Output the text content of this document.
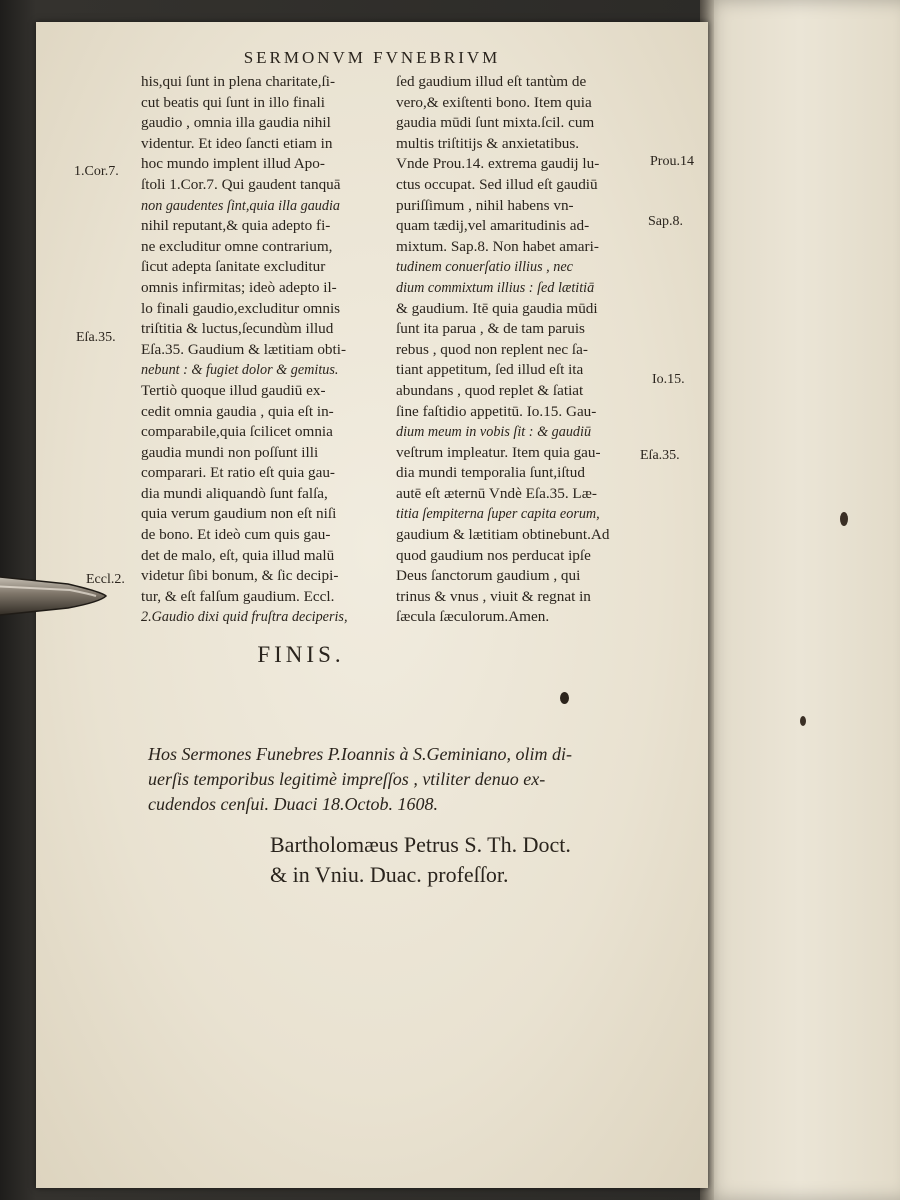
SERMONVM FVNEBRIVM
his,qui ſunt in plena charitate,ſi-
cut beatis qui ſunt in illo finali
gaudio , omnia illa gaudia nihil
videntur. Et ideo ſancti etiam in
hoc mundo implent illud Apo-
ſtoli 1.Cor.7. Qui gaudent tanquā
non gaudentes ſint,quia illa gaudia
nihil reputant,& quia adepto fi-
ne excluditur omne contrarium,
ſicut adepta ſanitate excluditur
omnis infirmitas; ideò adepto il-
lo finali gaudio,excluditur omnis
triſtitia & luctus,ſecundùm illud
Eſa.35. Gaudium & lætitiam obti-
nebunt : & fugiet dolor & gemitus.
Tertiò quoque illud gaudiū ex-
cedit omnia gaudia , quia eſt in-
comparabile,quia ſcilicet omnia
gaudia mundi non poſſunt illi
comparari. Et ratio eſt quia gau-
dia mundi aliquandò ſunt falſa,
quia verum gaudium non eſt niſi
de bono. Et ideò cum quis gau-
det de malo, eſt, quia illud malū
videtur ſibi bonum, & ſic decipi-
tur, & eſt falſum gaudium. Eccl.
2.Gaudio dixi quid fruſtra deciperis,
ſed gaudium illud eſt tantùm de
vero,& exiſtenti bono. Item quia
gaudia mūdi ſunt mixta.ſcil. cum
multis triſtitijs & anxietatibus.
Vnde Prou.14. extrema gaudij lu-
ctus occupat. Sed illud eſt gaudiū
puriſſimum , nihil habens vn-
quam tædij,vel amaritudinis ad-
mixtum. Sap.8. Non habet amari-
tudinem conuerſatio illius , nec
dium commixtum illius : ſed lætitiā
& gaudium. Itē quia gaudia mūdi
ſunt ita parua , & de tam paruis
rebus , quod non replent nec ſa-
tiant appetitum, ſed illud eſt ita
abundans , quod replet & ſatiat
ſine faſtidio appetitū. Io.15. Gau-
dium meum in vobis ſit : & gaudiū
veſtrum impleatur. Item quia gau-
dia mundi temporalia ſunt,iſtud
autē eſt æternū Vndè Eſa.35. Læ-
titia ſempiterna ſuper capita eorum,
gaudium & lætitiam obtinebunt.Ad
quod gaudium nos perducat ipſe
Deus ſanctorum gaudium , qui
trinus & vnus , viuit & regnat in
ſæcula ſæculorum.Amen.
1.Cor.7.
Eſa.35.
Eccl.2.
Prou.14
Sap.8.
Io.15.
Eſa.35.
FINIS.
Hos Sermones Funebres P.Ioannis à S.Geminiano, olim di-
uerſis temporibus legitimè impreſſos , vtiliter denuo ex-
cudendos cenſui. Duaci 18.Octob. 1608.
Bartholomæus Petrus S. Th. Doct.
& in Vniu. Duac. profeſſor.
